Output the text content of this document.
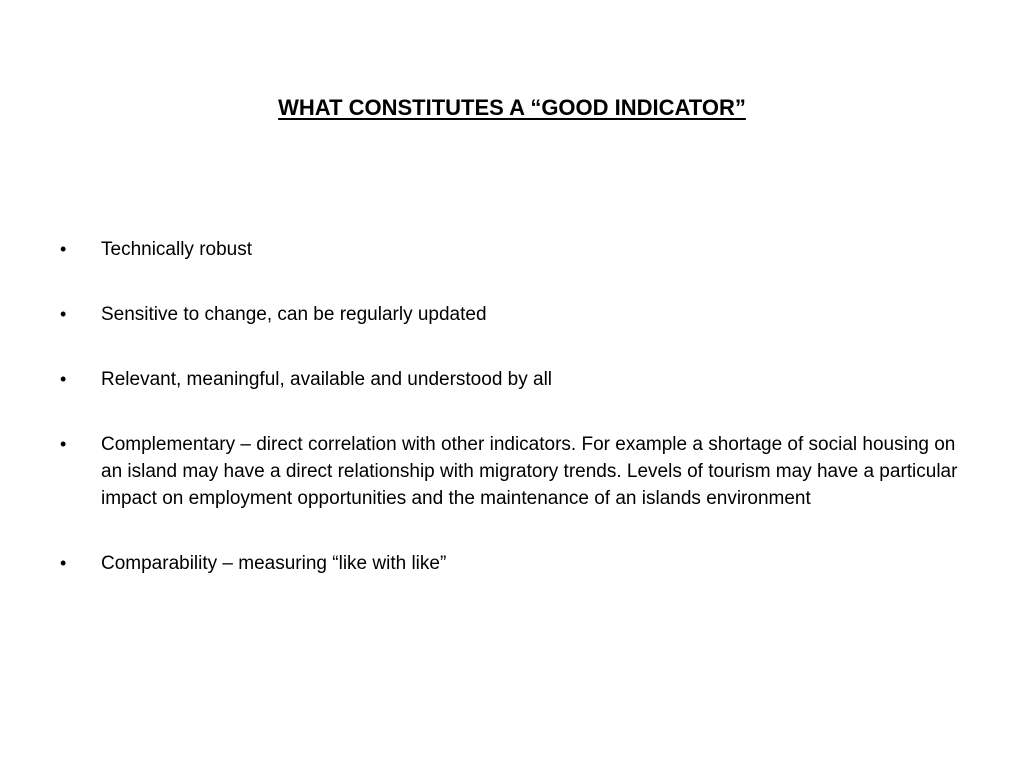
WHAT CONSTITUTES A “GOOD INDICATOR”
•	Technically robust
•	Sensitive to change, can be regularly updated
•	Relevant, meaningful, available and understood by all
•	Complementary – direct correlation with other indicators. For example a shortage of social housing on an island may have a direct relationship with migratory trends. Levels of tourism may have a particular impact on employment opportunities and the maintenance of an islands environment
•	Comparability – measuring “like with like”
